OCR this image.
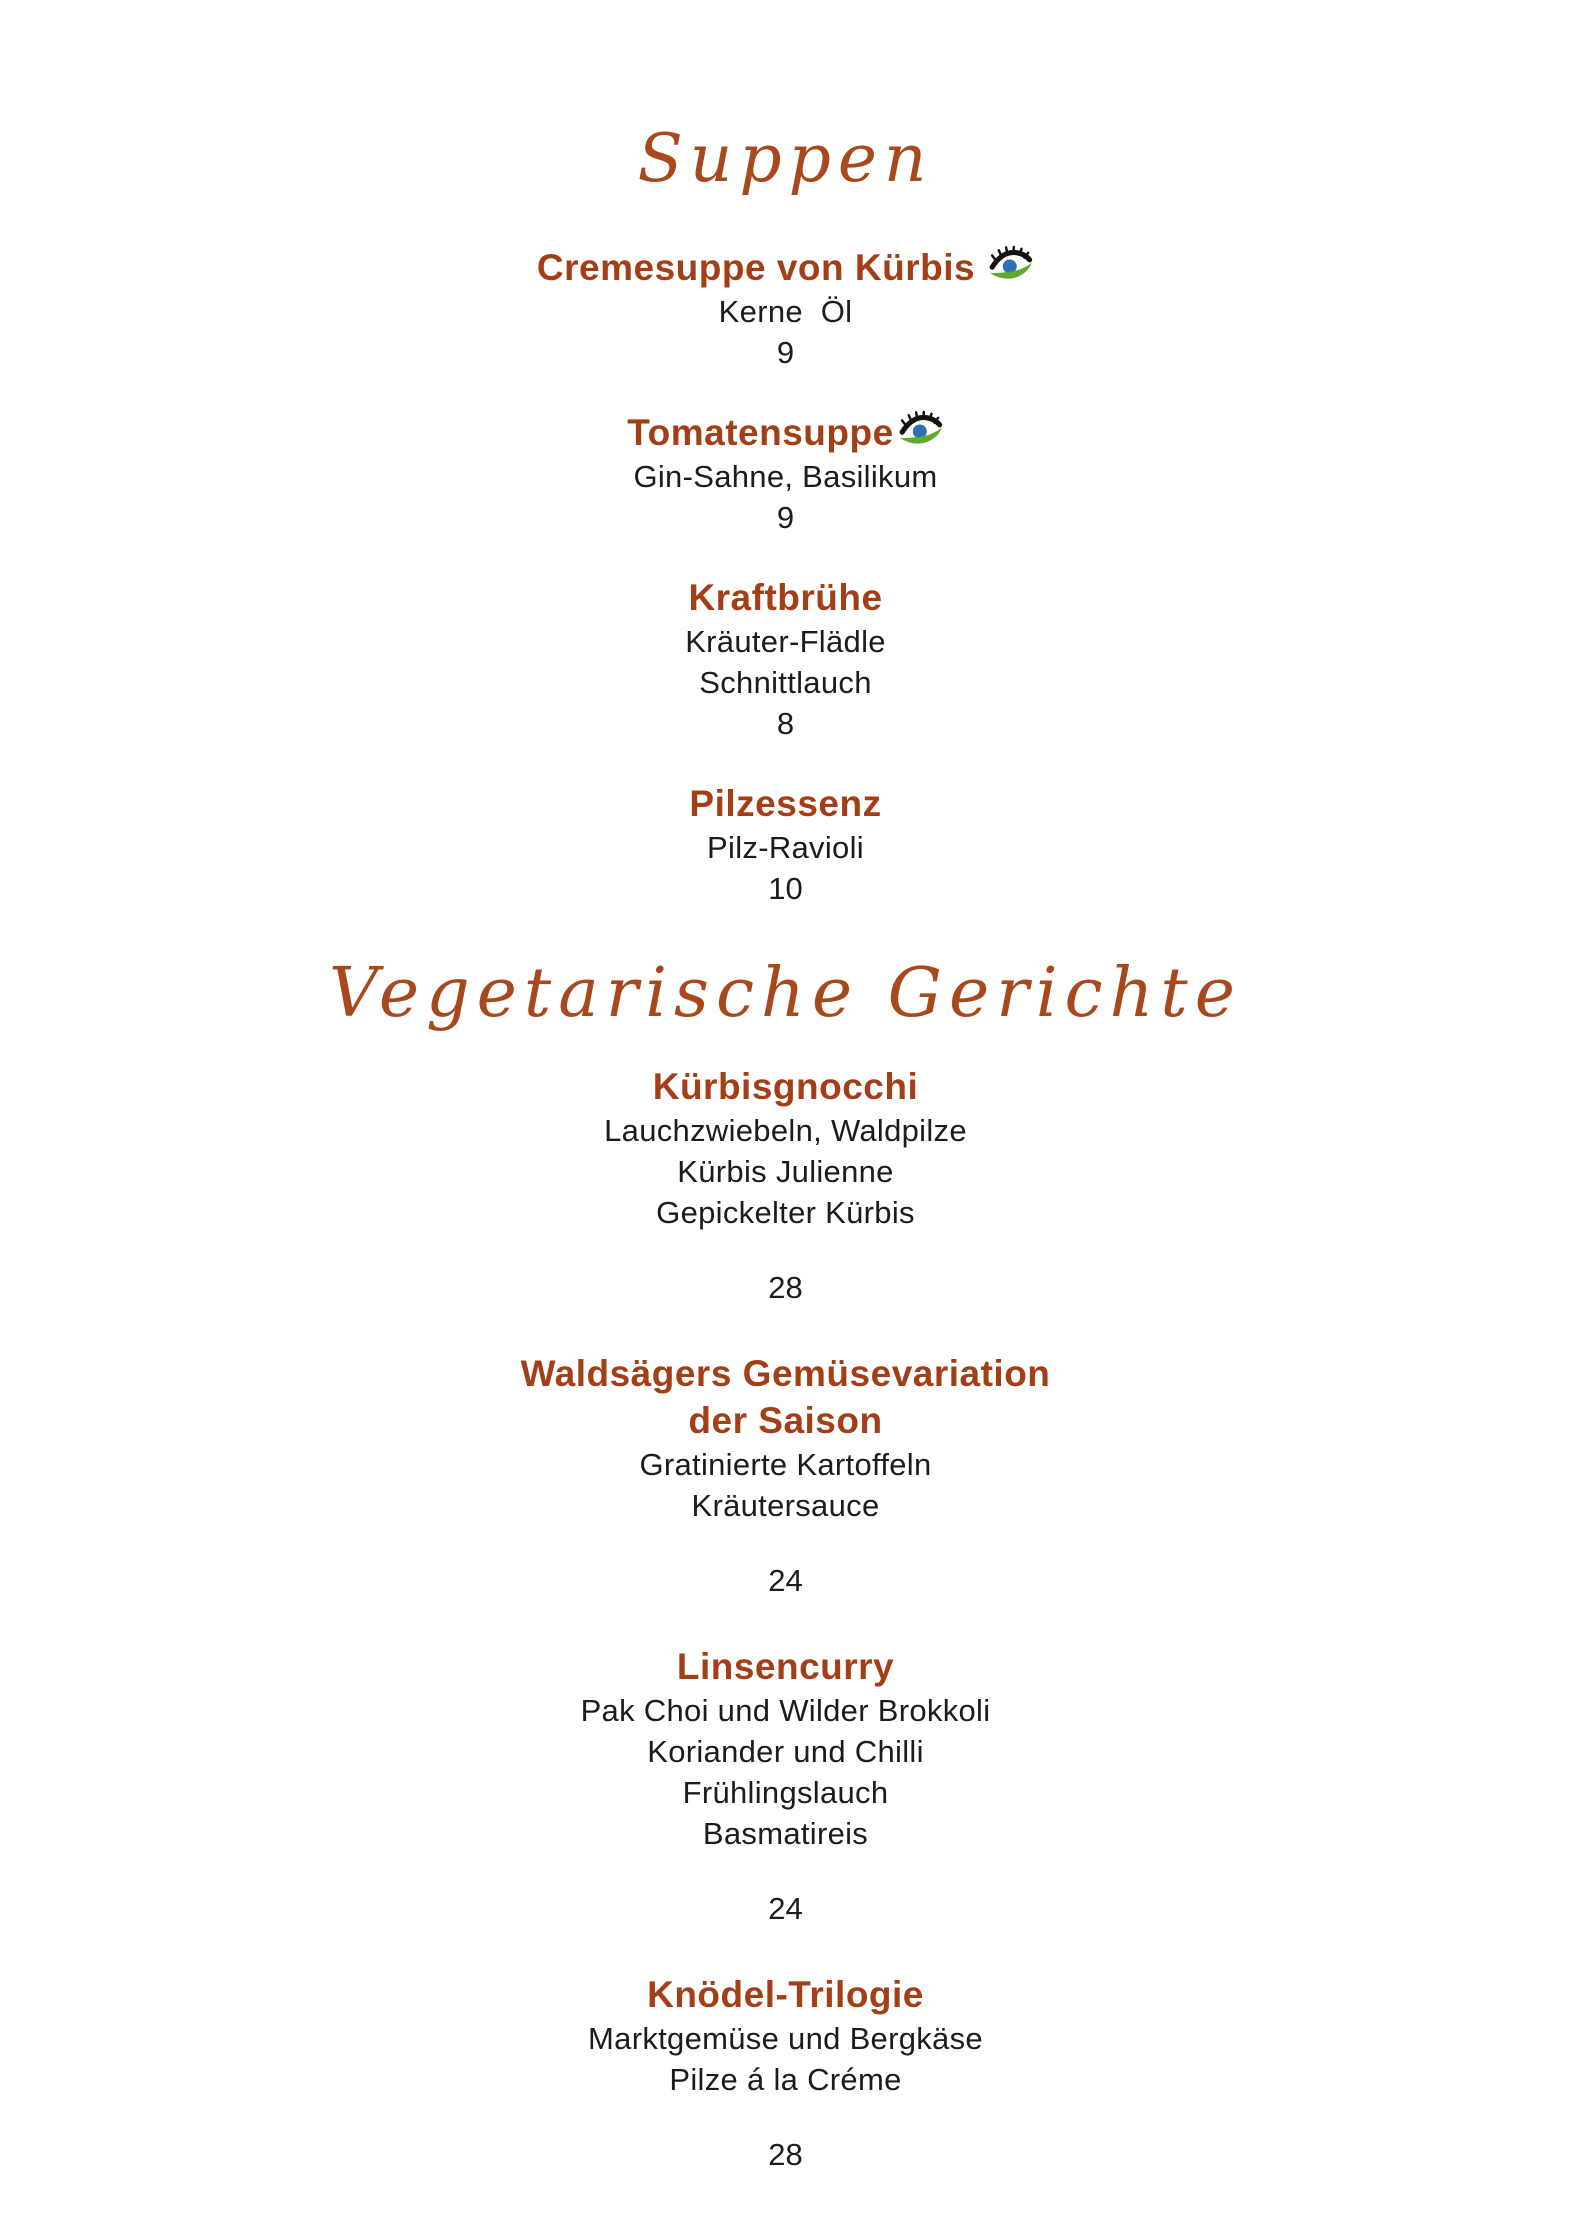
Suppen
Cremesuppe von Kürbis
Kerne  Öl
9
Tomatensuppe
Gin-Sahne, Basilikum
9
Kraftbrühe
Kräuter-Flädle
Schnittlauch
8
Pilzessenz
Pilz-Ravioli
10
Vegetarische Gerichte
Kürbisgnocchi
Lauchzwiebeln, Waldpilze
Kürbis Julienne
Gepickelter Kürbis
28
Waldsägers Gemüsevariation
der Saison
Gratinierte Kartoffeln
Kräutersauce
24
Linsencurry
Pak Choi und Wilder Brokkoli
Koriander und Chilli
Frühlingslauch
Basmatireis
24
Knödel-Trilogie
Marktgemüse und Bergkäse
Pilze á la Créme
28
